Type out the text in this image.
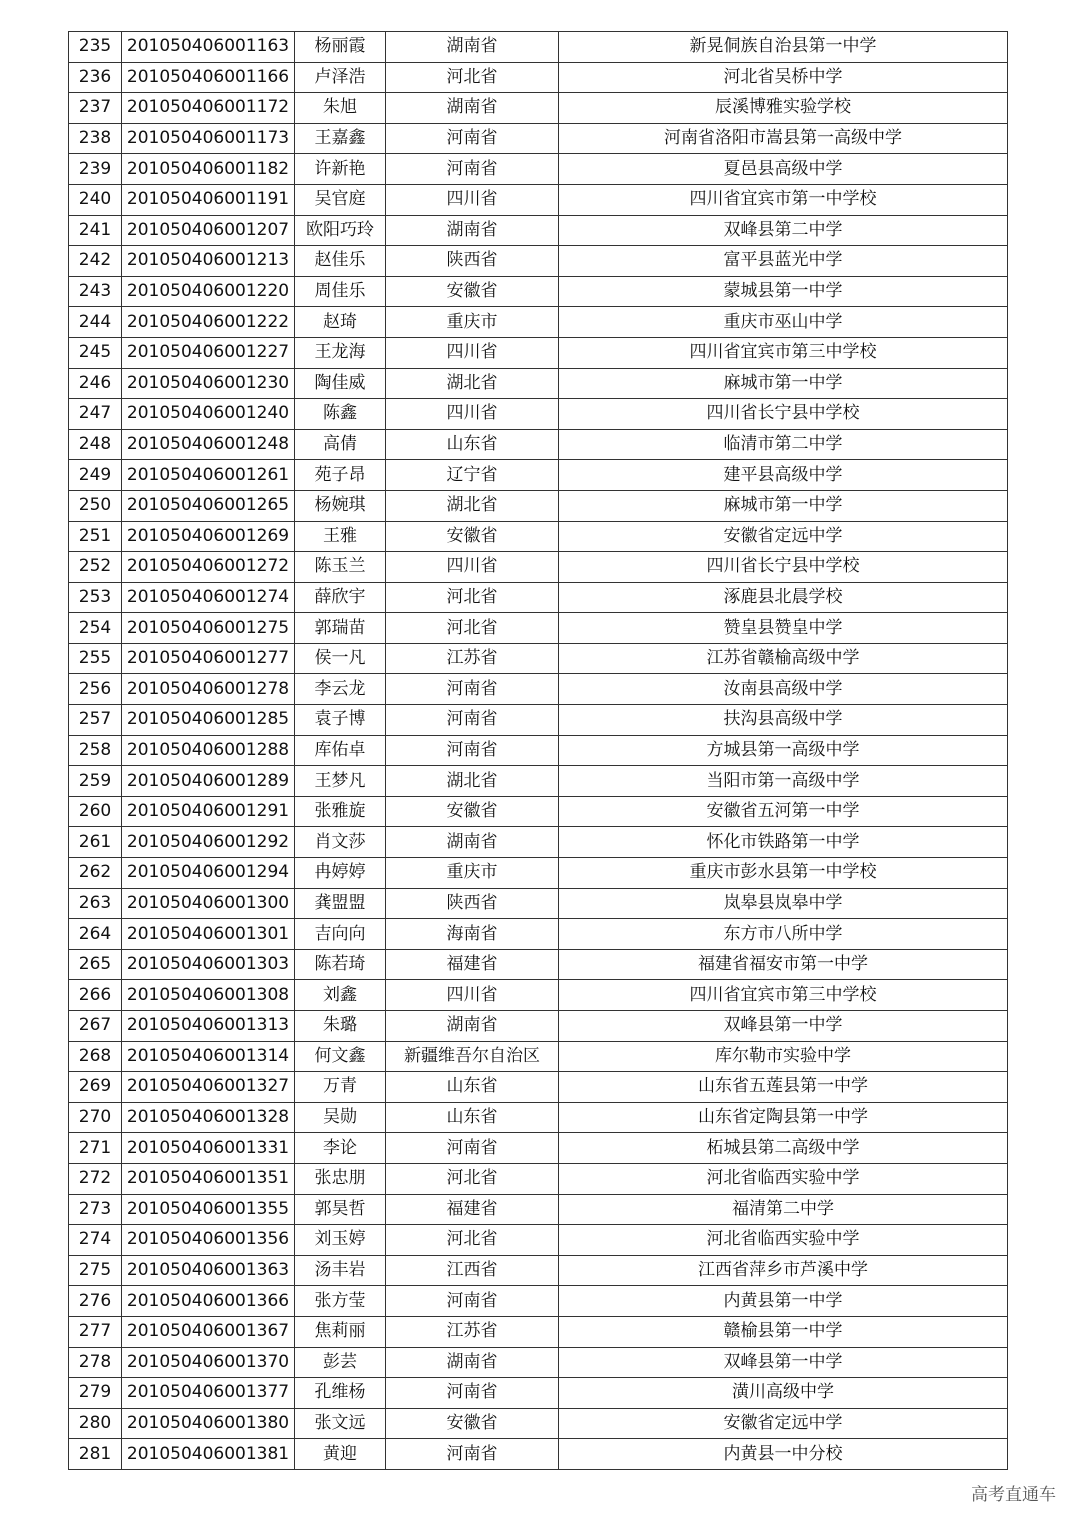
235	201050406001163	杨丽霞	湖南省	新晃侗族自治县第一中学
236	201050406001166	卢泽浩	河北省	河北省吴桥中学
237	201050406001172	朱旭	湖南省	辰溪博雅实验学校
238	201050406001173	王嘉鑫	河南省	河南省洛阳市嵩县第一高级中学
239	201050406001182	许新艳	河南省	夏邑县高级中学
240	201050406001191	吴官庭	四川省	四川省宜宾市第一中学校
241	201050406001207	欧阳巧玲	湖南省	双峰县第二中学
242	201050406001213	赵佳乐	陕西省	富平县蓝光中学
243	201050406001220	周佳乐	安徽省	蒙城县第一中学
244	201050406001222	赵琦	重庆市	重庆市巫山中学
245	201050406001227	王龙海	四川省	四川省宜宾市第三中学校
246	201050406001230	陶佳威	湖北省	麻城市第一中学
247	201050406001240	陈鑫	四川省	四川省长宁县中学校
248	201050406001248	高倩	山东省	临清市第二中学
249	201050406001261	苑子昂	辽宁省	建平县高级中学
250	201050406001265	杨婉琪	湖北省	麻城市第一中学
251	201050406001269	王雅	安徽省	安徽省定远中学
252	201050406001272	陈玉兰	四川省	四川省长宁县中学校
253	201050406001274	薛欣宇	河北省	涿鹿县北晨学校
254	201050406001275	郭瑞苗	河北省	赞皇县赞皇中学
255	201050406001277	侯一凡	江苏省	江苏省赣榆高级中学
256	201050406001278	李云龙	河南省	汝南县高级中学
257	201050406001285	袁子博	河南省	扶沟县高级中学
258	201050406001288	库佑卓	河南省	方城县第一高级中学
259	201050406001289	王梦凡	湖北省	当阳市第一高级中学
260	201050406001291	张雅旋	安徽省	安徽省五河第一中学
261	201050406001292	肖文莎	湖南省	怀化市铁路第一中学
262	201050406001294	冉婷婷	重庆市	重庆市彭水县第一中学校
263	201050406001300	龚盟盟	陕西省	岚皋县岚皋中学
264	201050406001301	吉向向	海南省	东方市八所中学
265	201050406001303	陈若琦	福建省	福建省福安市第一中学
266	201050406001308	刘鑫	四川省	四川省宜宾市第三中学校
267	201050406001313	朱璐	湖南省	双峰县第一中学
268	201050406001314	何文鑫	新疆维吾尔自治区	库尔勒市实验中学
269	201050406001327	万青	山东省	山东省五莲县第一中学
270	201050406001328	吴勋	山东省	山东省定陶县第一中学
271	201050406001331	李论	河南省	柘城县第二高级中学
272	201050406001351	张忠朋	河北省	河北省临西实验中学
273	201050406001355	郭昊哲	福建省	福清第二中学
274	201050406001356	刘玉婷	河北省	河北省临西实验中学
275	201050406001363	汤丰岩	江西省	江西省萍乡市芦溪中学
276	201050406001366	张方莹	河南省	内黄县第一中学
277	201050406001367	焦莉丽	江苏省	赣榆县第一中学
278	201050406001370	彭芸	湖南省	双峰县第一中学
279	201050406001377	孔维杨	河南省	潢川高级中学
280	201050406001380	张文远	安徽省	安徽省定远中学
281	201050406001381	黄迎	河南省	内黄县一中分校
高考直通车
